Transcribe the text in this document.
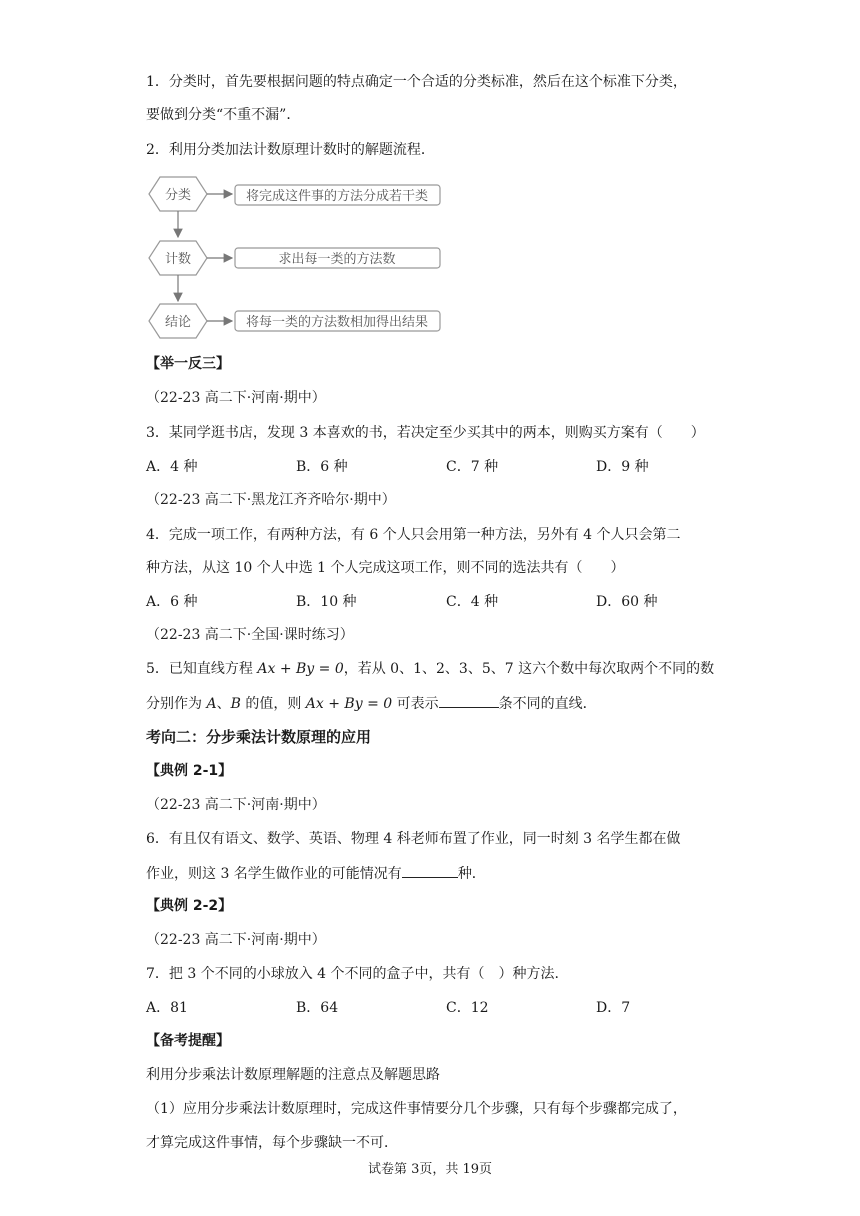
1．分类时，首先要根据问题的特点确定一个合适的分类标准，然后在这个标准下分类，
要做到分类“不重不漏”．
2．利用分类加法计数原理计数时的解题流程．
分类	将完成这件事的方法分成若干类
计数	求出每一类的方法数
结论	将每一类的方法数相加得出结果
【举一反三】
（22-23 高二下·河南·期中）
3．某同学逛书店，发现 3 本喜欢的书，若决定至少买其中的两本，则购买方案有（　　）
A．4 种	B．6 种	C．7 种	D．9 种
（22-23 高二下·黑龙江齐齐哈尔·期中）
4．完成一项工作，有两种方法，有 6 个人只会用第一种方法，另外有 4 个人只会第二
种方法，从这 10 个人中选 1 个人完成这项工作，则不同的选法共有（　　）
A．6 种	B．10 种	C．4 种	D．60 种
（22-23 高二下·全国·课时练习）
5．已知直线方程 Ax + By = 0，若从 0、1、2、3、5、7 这六个数中每次取两个不同的数
分别作为 A、B 的值，则 Ax + By = 0 可表示	条不同的直线．
考向二：分步乘法计数原理的应用
【典例 2-1】
（22-23 高二下·河南·期中）
6．有且仅有语文、数学、英语、物理 4 科老师布置了作业，同一时刻 3 名学生都在做
作业，则这 3 名学生做作业的可能情况有	种．
【典例 2-2】
（22-23 高二下·河南·期中）
7．把 3 个不同的小球放入 4 个不同的盒子中，共有（　）种方法.
A．81	B．64	C．12	D．7
【备考提醒】
利用分步乘法计数原理解题的注意点及解题思路
（1）应用分步乘法计数原理时，完成这件事情要分几个步骤，只有每个步骤都完成了，
才算完成这件事情，每个步骤缺一不可．
试卷第 3页，共 19页
